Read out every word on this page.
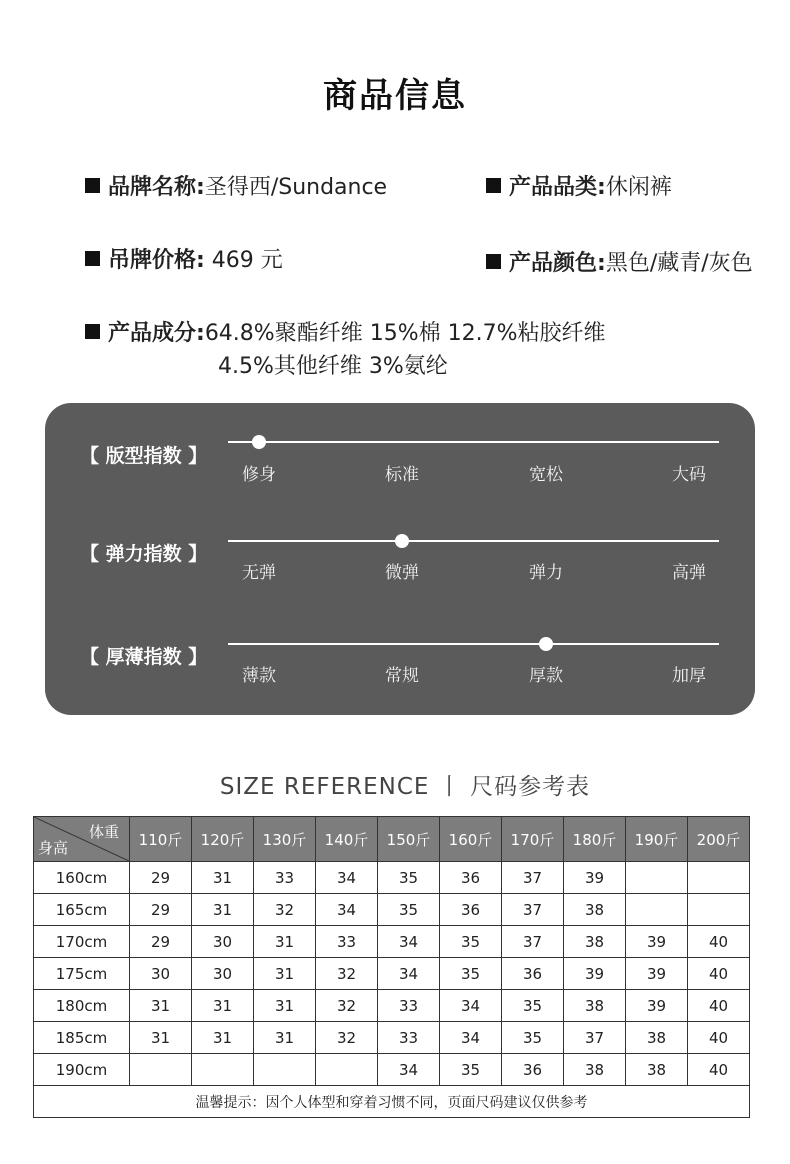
商品信息
品牌名称:圣得西/Sundance	产品品类:休闲裤
吊牌价格: 469 元	产品颜色:黑色/藏青/灰色
产品成分:64.8%聚酯纤维 15%棉 12.7%粘胶纤维
4.5%其他纤维 3%氨纶
【 版型指数 】
修身	标准	宽松	大码
【 弹力指数 】
无弹	微弹	弹力	高弹
【 厚薄指数 】
薄款	常规	厚款	加厚
SIZE REFERENCE 丨 尺码参考表
体重
身高	110斤	120斤	130斤	140斤	150斤	160斤	170斤	180斤	190斤	200斤
160cm	29	31	33	34	35	36	37	39		
165cm	29	31	32	34	35	36	37	38		
170cm	29	30	31	33	34	35	37	38	39	40
175cm	30	30	31	32	34	35	36	39	39	40
180cm	31	31	31	32	33	34	35	38	39	40
185cm	31	31	31	32	33	34	35	37	38	40
190cm					34	35	36	38	38	40
温馨提示：因个人体型和穿着习惯不同，页面尺码建议仅供参考										
